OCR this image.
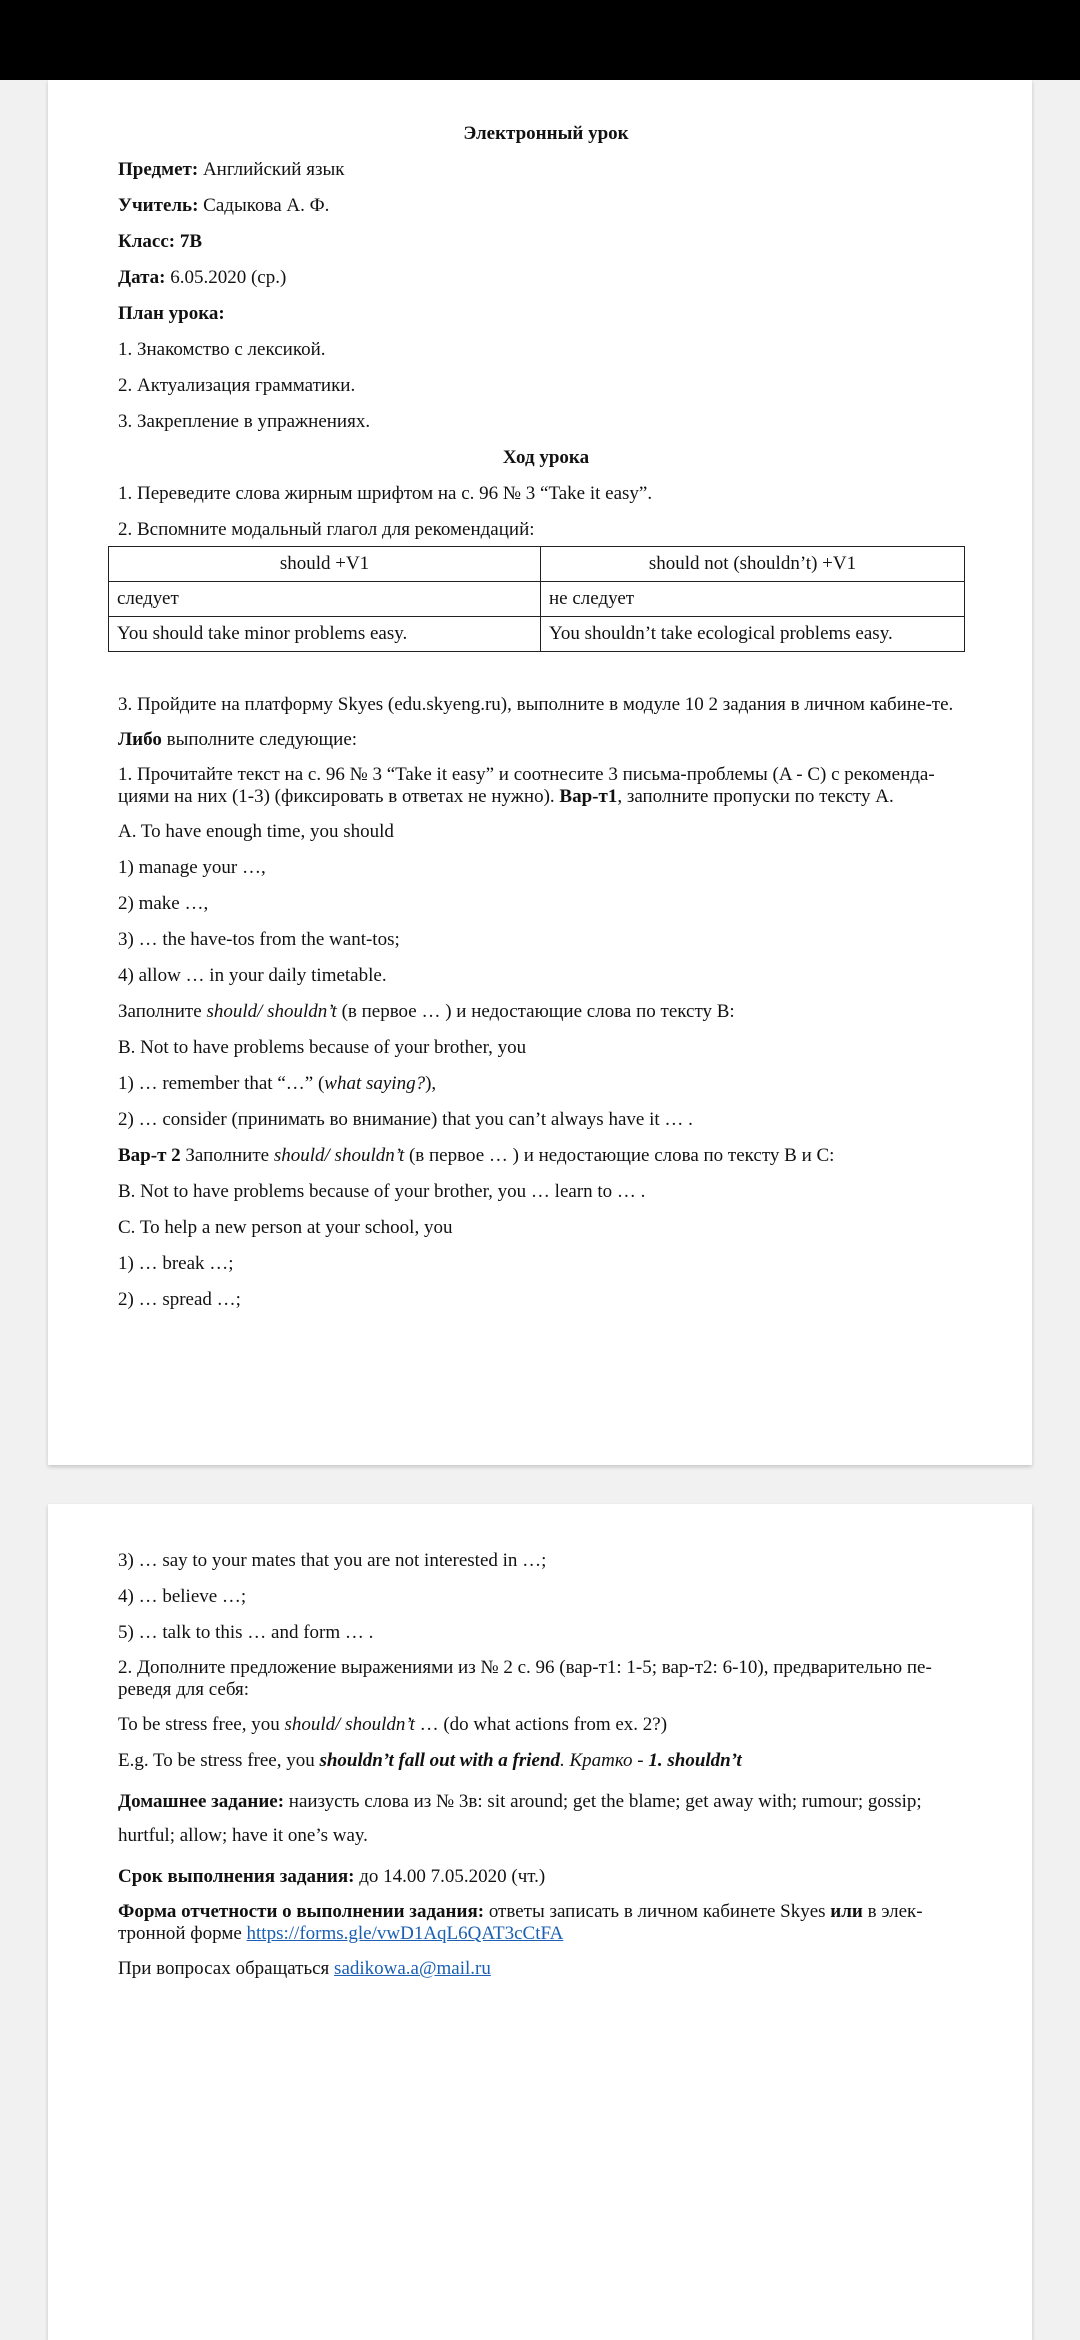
Электронный урок
Предмет: Английский язык
Учитель: Садыкова А. Ф.
Класс: 7В
Дата: 6.05.2020 (ср.)
План урока:
1. Знакомство с лексикой.
2. Актуализация грамматики.
3. Закрепление в упражнениях.
Ход урока
1. Переведите слова жирным шрифтом на с. 96 № 3 “Take it easy”.
2. Вспомните модальный глагол для рекомендаций:
should +V1	should not (shouldn’t) +V1
следует	не следует
You should take minor problems easy.	You shouldn’t take ecological problems easy.
3. Пройдите на платформу Skyes (edu.skyeng.ru), выполните в модуле 10 2 задания в личном кабине-те.
Либо выполните следующие:
1. Прочитайте текст на с. 96 № 3 “Take it easy” и соотнесите 3 письма-проблемы (A - C) с рекоменда-циями на них (1-3) (фиксировать в ответах не нужно). Вар-т1, заполните пропуски по тексту А.
A. To have enough time, you should
1) manage your …,
2) make …,
3) … the have-tos from the want-tos;
4) allow … in your daily timetable.
Заполните should/ shouldn’t (в первое … ) и недостающие слова по тексту B:
B. Not to have problems because of your brother, you
1) … remember that “…” (what saying?),
2) … consider (принимать во внимание) that you can’t always have it … .
Вар-т 2 Заполните should/ shouldn’t (в первое … ) и недостающие слова по тексту B и С:
B. Not to have problems because of your brother, you … learn to … .
C. To help a new person at your school, you
1) … break …;
2) … spread …;
3) … say to your mates that you are not interested in …;
4) … believe …;
5) … talk to this … and form … .
2. Дополните предложение выражениями из № 2 с. 96 (вар-т1: 1-5; вар-т2: 6-10), предварительно пе-реведя для себя:
To be stress free, you should/ shouldn’t … (do what actions from ex. 2?)
E.g. To be stress free, you shouldn’t fall out with a friend. Кратко - 1. shouldn’t
Домашнее задание: наизусть слова из № 3в: sit around; get the blame; get away with; rumour; gossip; hurtful; allow; have it one’s way.
Срок выполнения задания: до 14.00 7.05.2020 (чт.)
Форма отчетности о выполнении задания: ответы записать в личном кабинете Skyes или в элек-тронной форме https://forms.gle/vwD1AqL6QAT3cCtFA
При вопросах обращаться sadikowa.a@mail.ru
